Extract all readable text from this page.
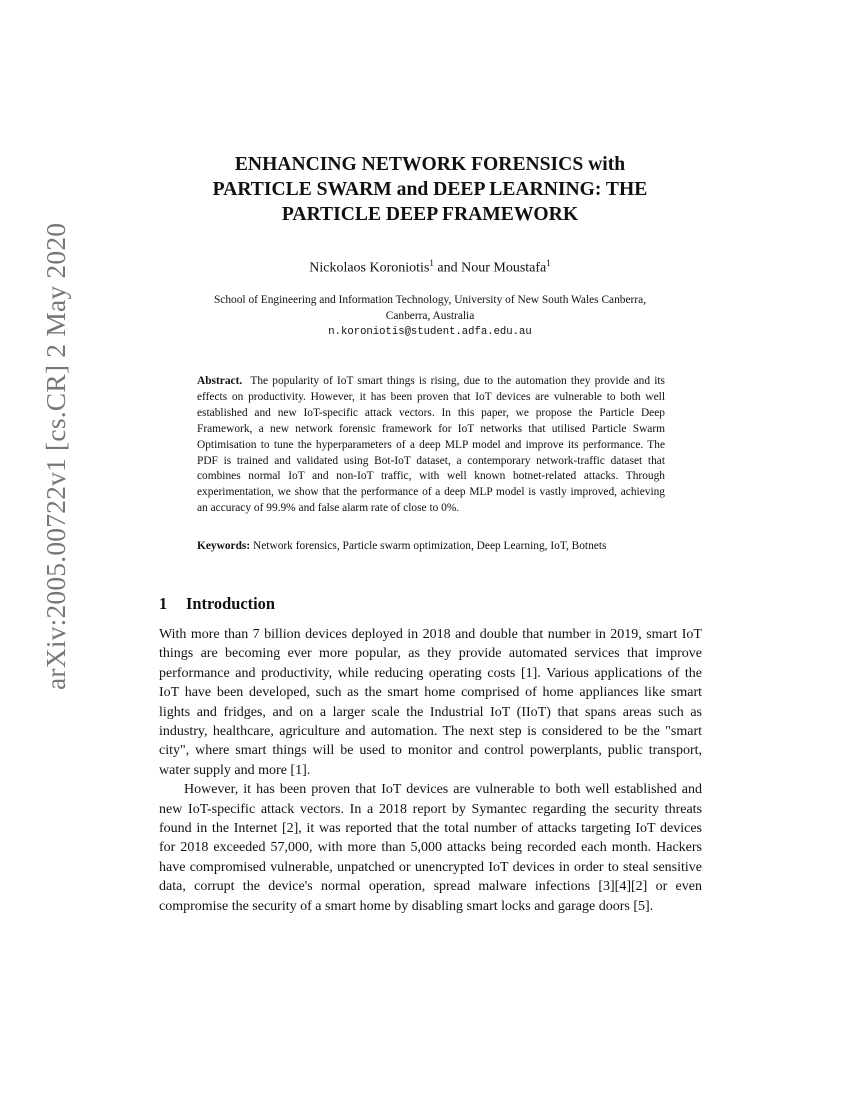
arXiv:2005.00722v1 [cs.CR] 2 May 2020
ENHANCING NETWORK FORENSICS with
PARTICLE SWARM and DEEP LEARNING: THE
PARTICLE DEEP FRAMEWORK
Nickolaos Koroniotis$^1$ and Nour Moustafa$^1$
School of Engineering and Information Technology, University of New South Wales Canberra,
Canberra, Australia
n.koroniotis@student.adfa.edu.au
Abstract. The popularity of IoT smart things is rising, due to the automation they provide and its effects on productivity. However, it has been proven that IoT devices are vulnerable to both well established and new IoT-specific attack vectors. In this paper, we propose the Particle Deep Framework, a new network forensic framework for IoT networks that utilised Particle Swarm Optimisation to tune the hyperparameters of a deep MLP model and improve its performance. The PDF is trained and validated using Bot-IoT dataset, a contemporary network-traffic dataset that combines normal IoT and non-IoT traffic, with well known botnet-related attacks. Through experimentation, we show that the performance of a deep MLP model is vastly improved, achieving an accuracy of 99.9% and false alarm rate of close to 0%.
Keywords: Network forensics, Particle swarm optimization, Deep Learning, IoT, Botnets
1 Introduction

With more than 7 billion devices deployed in 2018 and double that number in 2019, smart IoT things are becoming ever more popular, as they provide automated services that improve performance and productivity, while reducing operating costs [1]. Various applications of the IoT have been developed, such as the smart home comprised of home appliances like smart lights and fridges, and on a larger scale the Industrial IoT (IIoT) that spans areas such as industry, healthcare, agriculture and automation. The next step is considered to be the "smart city", where smart things will be used to monitor and control powerplants, public transport, water supply and more [1].

However, it has been proven that IoT devices are vulnerable to both well established and new IoT-specific attack vectors. In a 2018 report by Symantec regarding the security threats found in the Internet [2], it was reported that the total number of attacks targeting IoT devices for 2018 exceeded 57,000, with more than 5,000 attacks being recorded each month. Hackers have compromised vulnerable, unpatched or unencrypted IoT devices in order to steal sensitive data, corrupt the device's normal operation, spread malware infections [3][4][2] or even compromise the security of a smart home by disabling smart locks and garage doors [5].
